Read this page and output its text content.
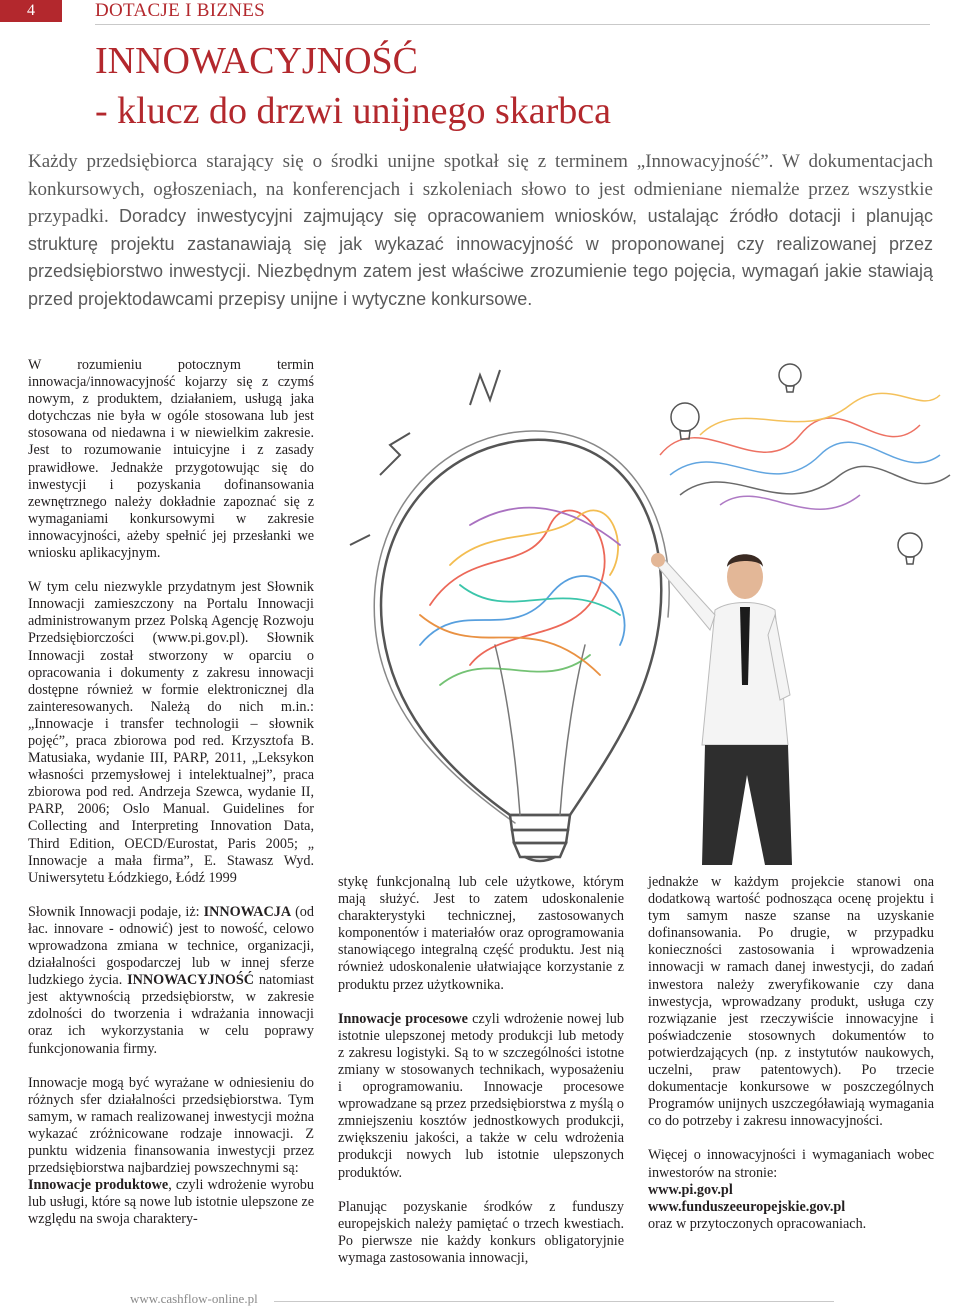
4	DOTACJE I BIZNES
INNOWACYJNOŚĆ
- klucz do drzwi unijnego skarbca
Każdy przedsiębiorca starający się o środki unijne spotkał się z terminem „Innowacyjność”. W dokumentacjach konkursowych, ogłoszeniach, na konferencjach i szkoleniach słowo to jest odmieniane niemalże przez wszystkie przypadki. Doradcy inwestycyjni zajmujący się opracowaniem wniosków, ustalając źródło dotacji i planując strukturę projektu zastanawiają się jak wykazać innowacyjność w proponowanej czy realizowanej przez przedsiębiorstwo inwestycji. Niezbędnym zatem jest właściwe zrozumienie tego pojęcia, wymagań jakie stawiają przed projektodawcami przepisy unijne i wytyczne konkursowe.

W rozumieniu potocznym termin innowacja/innowacyjność kojarzy się z czymś nowym, z produktem, działaniem, usługą jaka dotychczas nie była w ogóle stosowana lub jest stosowana od niedawna i w niewielkim zakresie. Jest to rozumowanie intuicyjne i z zasady prawidłowe. Jednakże przygotowując się do inwestycji i pozyskania dofinansowania zewnętrznego należy dokładnie zapoznać się z wymaganiami konkursowymi w zakresie innowacyjności, ażeby spełnić jej przesłanki we wniosku aplikacyjnym.

W tym celu niezwykle przydatnym jest Słownik Innowacji zamieszczony na Portalu Innowacji administrowanym przez Polską Agencję Rozwoju Przedsiębiorczości (www.pi.gov.pl). Słownik Innowacji został stworzony w oparciu o opracowania i dokumenty z zakresu innowacji dostępne również w formie elektronicznej dla zainteresowanych. Należą do nich m.in.: „Innowacje i transfer technologii – słownik pojęć”, praca zbiorowa pod red. Krzysztofa B. Matusiaka, wydanie III, PARP, 2011, „Leksykon własności przemysłowej i intelektualnej”, praca zbiorowa pod red. Andrzeja Szewca, wydanie II, PARP, 2006; Oslo Manual. Guidelines for Collecting and Interpreting Innovation Data, Third Edition, OECD/Eurostat, Paris 2005; „ Innowacje a mała firma”, E. Stawasz Wyd. Uniwersytetu Łódzkiego, Łódź 1999

Słownik Innowacji podaje, iż: INNOWACJA (od łac. innovare - odnowić) jest to nowość, celowo wprowadzona zmiana w technice, organizacji, działalności gospodarczej lub w innej sferze ludzkiego życia. INNOWACYJNOŚĆ natomiast jest aktywnością przedsiębiorstw, w zakresie zdolności do tworzenia i wdrażania innowacji oraz ich wykorzystania w celu poprawy funkcjonowania firmy.

Innowacje mogą być wyrażane w odniesieniu do różnych sfer działalności przedsiębiorstwa. Tym samym, w ramach realizowanej inwestycji można wykazać zróżnicowane rodzaje innowacji. Z punktu widzenia finansowania inwestycji przez przedsiębiorstwa najbardziej powszechnymi są:
Innowacje produktowe, czyli wdrożenie wyrobu lub usługi, które są nowe lub istotnie ulepszone ze względu na swoja charaktery-

stykę funkcjonalną lub cele użytkowe, którym mają służyć. Jest to zatem udoskonalenie charakterystyki technicznej, zastosowanych komponentów i materiałów oraz oprogramowania stanowiącego integralną część produktu. Jest nią również udoskonalenie ułatwiające korzystanie z produktu przez użytkownika.

Innowacje procesowe czyli wdrożenie nowej lub istotnie ulepszonej metody produkcji lub metody z zakresu logistyki. Są to w szczególności istotne zmiany w stosowanych technikach, wyposażeniu i oprogramowaniu. Innowacje procesowe wprowadzane są przez przedsiębiorstwa z myślą o zmniejszeniu kosztów jednostkowych produkcji, zwiększeniu jakości, a także w celu wdrożenia produkcji nowych lub istotnie ulepszonych produktów.

Planując pozyskanie środków z funduszy europejskich należy pamiętać o trzech kwestiach. Po pierwsze nie każdy konkurs obligatoryjnie wymaga zastosowania innowacji,

jednakże w każdym projekcie stanowi ona dodatkową wartość podnosząca ocenę projektu i tym samym nasze szanse na uzyskanie dofinansowania. Po drugie, w przypadku konieczności zastosowania i wprowadzenia innowacji w ramach danej inwestycji, do zadań inwestora należy zweryfikowanie czy dana inwestycja, wprowadzany produkt, usługa czy rozwiązanie jest rzeczywiście innowacyjne i poświadczenie stosownych dokumentów to potwierdzających (np. z instytutów naukowych, uczelni, praw patentowych). Po trzecie dokumentacje konkursowe w poszczególnych Programów unijnych uszczegóławiają wymagania co do potrzeby i zakresu innowacyjności.

Więcej o innowacyjności i wymaganiach wobec inwestorów na stronie:

www.pi.gov.pl
www.funduszeeuropejskie.gov.pl
oraz w przytoczonych opracowaniach.
www.cashflow-online.pl
